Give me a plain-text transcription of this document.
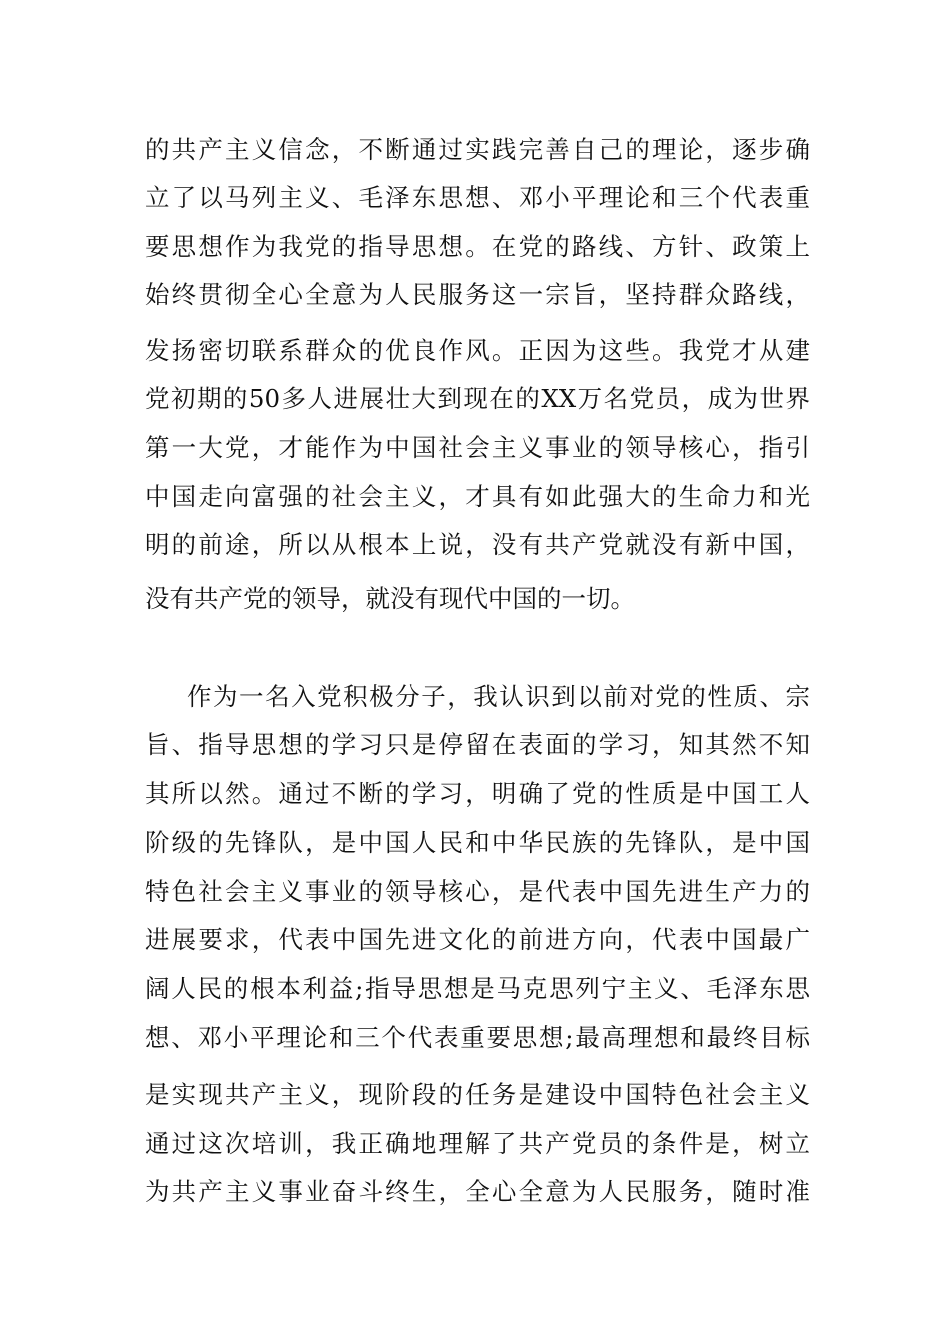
的共产主义信念，不断通过实践完善自己的理论，逐步确
立了以马列主义、毛泽东思想、邓小平理论和三个代表重
要思想作为我党的指导思想。在党的路线、方针、政策上
始终贯彻全心全意为人民服务这一宗旨，坚持群众路线，
发扬密切联系群众的优良作风。正因为这些。我党才从建
党初期的50多人进展壮大到现在的XX万名党员，成为世界
第一大党，才能作为中国社会主义事业的领导核心，指引
中国走向富强的社会主义，才具有如此强大的生命力和光
明的前途，所以从根本上说，没有共产党就没有新中国，
没有共产党的领导，就没有现代中国的一切。
作为一名入党积极分子，我认识到以前对党的性质、宗
旨、指导思想的学习只是停留在表面的学习，知其然不知
其所以然。通过不断的学习，明确了党的性质是中国工人
阶级的先锋队，是中国人民和中华民族的先锋队，是中国
特色社会主义事业的领导核心，是代表中国先进生产力的
进展要求，代表中国先进文化的前进方向，代表中国最广
阔人民的根本利益;指导思想是马克思列宁主义、毛泽东思
想、邓小平理论和三个代表重要思想;最高理想和最终目标
是实现共产主义，现阶段的任务是建设中国特色社会主义
通过这次培训，我正确地理解了共产党员的条件是，树立
为共产主义事业奋斗终生，全心全意为人民服务，随时准
